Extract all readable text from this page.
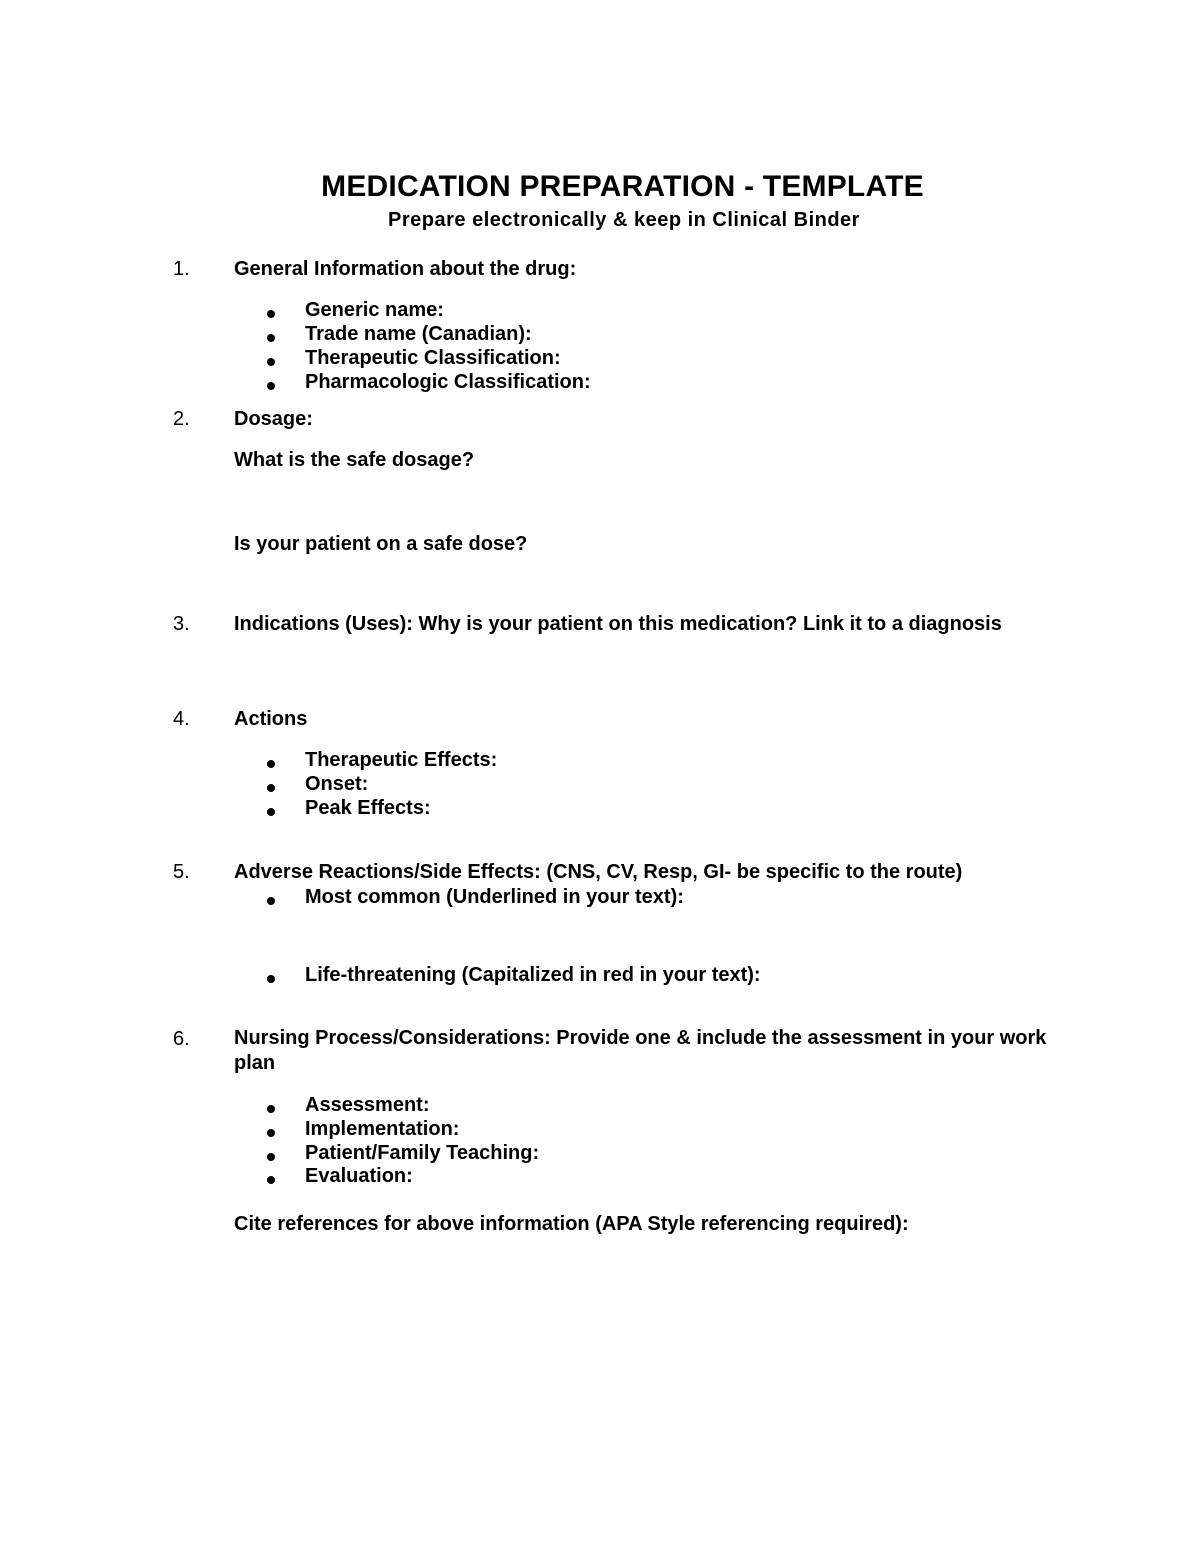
MEDICATION PREPARATION - TEMPLATE
Prepare electronically & keep in Clinical Binder
1. General Information about the drug:
Generic name:
Trade name (Canadian):
Therapeutic Classification:
Pharmacologic Classification:
2. Dosage:
What is the safe dosage?
Is your patient on a safe dose?
3. Indications (Uses): Why is your patient on this medication? Link it to a diagnosis
4. Actions
Therapeutic Effects:
Onset:
Peak Effects:
5. Adverse Reactions/Side Effects: (CNS, CV, Resp, GI- be specific to the route)
Most common (Underlined in your text):
Life-threatening (Capitalized in red in your text):
6. Nursing Process/Considerations: Provide one & include the assessment in your work plan
Assessment:
Implementation:
Patient/Family Teaching:
Evaluation:
Cite references for above information (APA Style referencing required):
